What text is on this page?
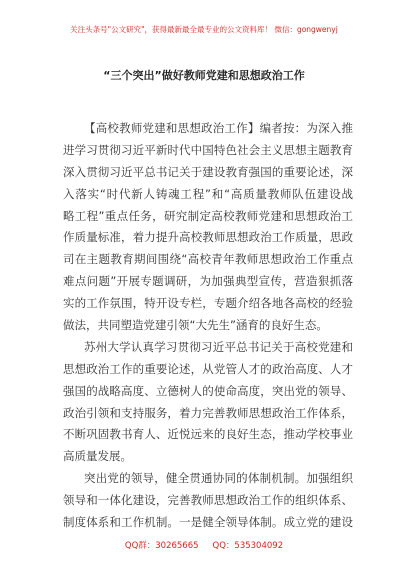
关注头条号"公文研究"，获得最新最全最专业的公文资料库！ 微信：gongwenyj
“三个突出”做好教师党建和思想政治工作
【高校教师党建和思想政治工作】编者按：为深入推
进学习贯彻习近平新时代中国特色社会主义思想主题教育
深入贯彻习近平总书记关于建设教育强国的重要论述，深
入落实“时代新人铸魂工程”和“高质量教师队伍建设战
略工程”重点任务，研究制定高校教师党建和思想政治工
作质量标准，着力提升高校教师思想政治工作质量，思政
司在主题教育期间围绕“高校青年教师思想政治工作重点
难点问题”开展专题调研，为加强典型宣传，营造狠抓落
实的工作氛围，特开设专栏，专题介绍各地各高校的经验
做法，共同塑造党建引领“大先生”涵育的良好生态。
苏州大学认真学习贯彻习近平总书记关于高校党建和
思想政治工作的重要论述，从党管人才的政治高度、人才
强国的战略高度、立德树人的使命高度，突出党的领导、
政治引领和支持服务，着力完善教师思想政治工作体系，
不断巩固教书育人、近悦远来的良好生态，推动学校事业
高质量发展。
突出党的领导，健全贯通协同的体制机制。加强组织
领导和一体化建设，完善教师思想政治工作的组织体系、
制度体系和工作机制。一是健全领导体制。成立党的建设
QQ群：30265665 QQ：535304092
